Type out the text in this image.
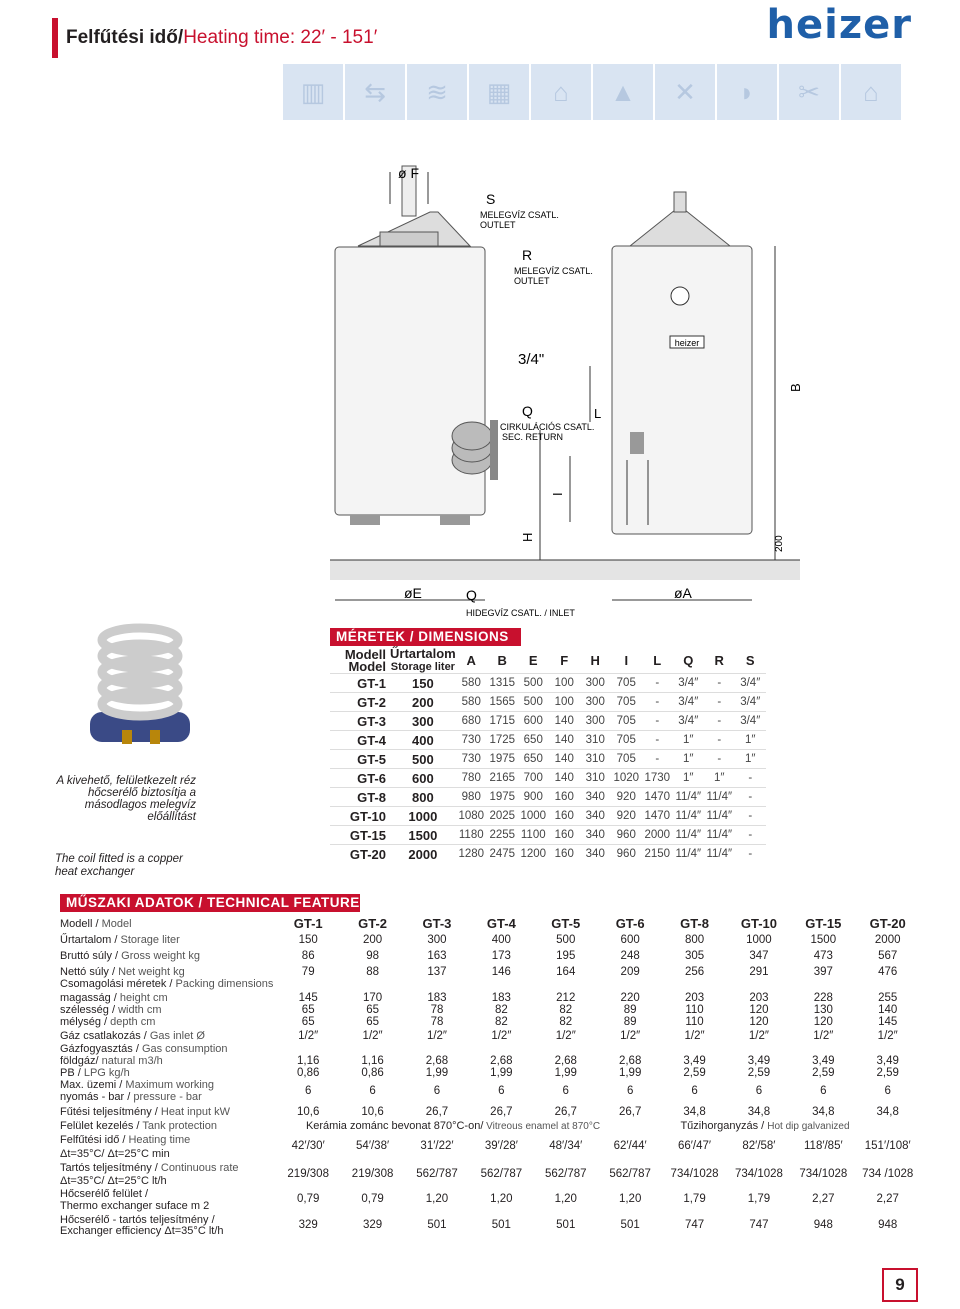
Felfűtési idő/Heating time: 22′ - 151′	heizer
▥	⇆	≋	▦	⌂	▲	✕	◗	✂	⌂
heizer
ø F
S
MELEGVÍZ CSATL.
OUTLET
R
MELEGVÍZ CSATL.
OUTLET
3/4"
Q
CIRKULÁCIÓS CSATL.
SEC. RETURN
L
B
I
H	200
øE	Q
HIDEGVÍZ CSATL. / INLET
øA
A kivehető, felületkezelt réz hőcserélő biztosítja a másodlagos melegvíz előállítást
The coil fitted is a copper heat exchanger
MÉRETEK / DIMENSIONS
Modell
Model	Űrtartalom
Storage liter	A	B	E	F	H	I	L	Q	R	S
GT-1	150	580	1315	500	100	300	705	-	3/4″	-	3/4″
GT-2	200	580	1565	500	100	300	705	-	3/4″	-	3/4″
GT-3	300	680	1715	600	140	300	705	-	3/4″	-	3/4″
GT-4	400	730	1725	650	140	310	705	-	1″	-	1″
GT-5	500	730	1975	650	140	310	705	-	1″	-	1″
GT-6	600	780	2165	700	140	310	1020	1730	1″	1″	-
GT-8	800	980	1975	900	160	340	920	1470	11/4″	11/4″	-
GT-10	1000	1080	2025	1000	160	340	920	1470	11/4″	11/4″	-
GT-15	1500	1180	2255	1100	160	340	960	2000	11/4″	11/4″	-
GT-20	2000	1280	2475	1200	160	340	960	2150	11/4″	11/4″	-
MŰSZAKI ADATOK / TECHNICAL FEATURES
Modell / Model	GT-1	GT-2	GT-3	GT-4	GT-5	GT-6	GT-8	GT-10	GT-15	GT-20
Űrtartalom / Storage liter	150	200	300	400	500	600	800	1000	1500	2000
Bruttó súly / Gross weight kg	86	98	163	173	195	248	305	347	473	567
Nettó súly / Net weight kg	79	88	137	146	164	209	256	291	397	476
Csomagolási méretek / Packing dimensions
magasság / height cm	145	170	183	183	212	220	203	203	228	255
szélesség / width cm	65	65	78	82	82	89	110	120	130	140
mélység / depth cm	65	65	78	82	82	89	110	120	120	145
Gáz csatlakozás / Gas inlet Ø	1/2″	1/2″	1/2″	1/2″	1/2″	1/2″	1/2″	1/2″	1/2″	1/2″
Gázfogyasztás / Gas consumption
földgáz/ natural m3/h	1,16	1,16	2,68	2,68	2,68	2,68	3,49	3,49	3,49	3,49
PB / LPG kg/h	0,86	0,86	1,99	1,99	1,99	1,99	2,59	2,59	2,59	2,59
Max. üzemi / Maximum working
nyomás - bar / pressure - bar	6	6	6	6	6	6	6	6	6	6
Fűtési teljesítmény / Heat input kW	10,6	10,6	26,7	26,7	26,7	26,7	34,8	34,8	34,8	34,8
Felület kezelés / Tank protection	Kerámia zománc bevonat 870°C-on/ Vitreous enamel at 870°C	Tűzihorganyzás / Hot dip galvanized
Felfűtési idő / Heating time
Δt=35°C/ Δt=25°C min
42′/30′	54′/38′	31′/22′	39′/28′	48′/34′	62′/44′	66′/47′	82′/58′	118′/85′	151′/108′
Tartós teljesítmény / Continuous rate
Δt=35°C/ Δt=25°C lt/h
219/308	219/308	562/787	562/787	562/787	562/787	734/1028	734/1028	734/1028	734 /1028
Hőcserélő felület /
Thermo exchanger suface m 2
0,79	0,79	1,20	1,20	1,20	1,20	1,79	1,79	2,27	2,27
Hőcserélő - tartós teljesítmény /
Exchanger efficiency Δt=35°C lt/h	329	329	501	501	501	501	747	747	948	948
9
